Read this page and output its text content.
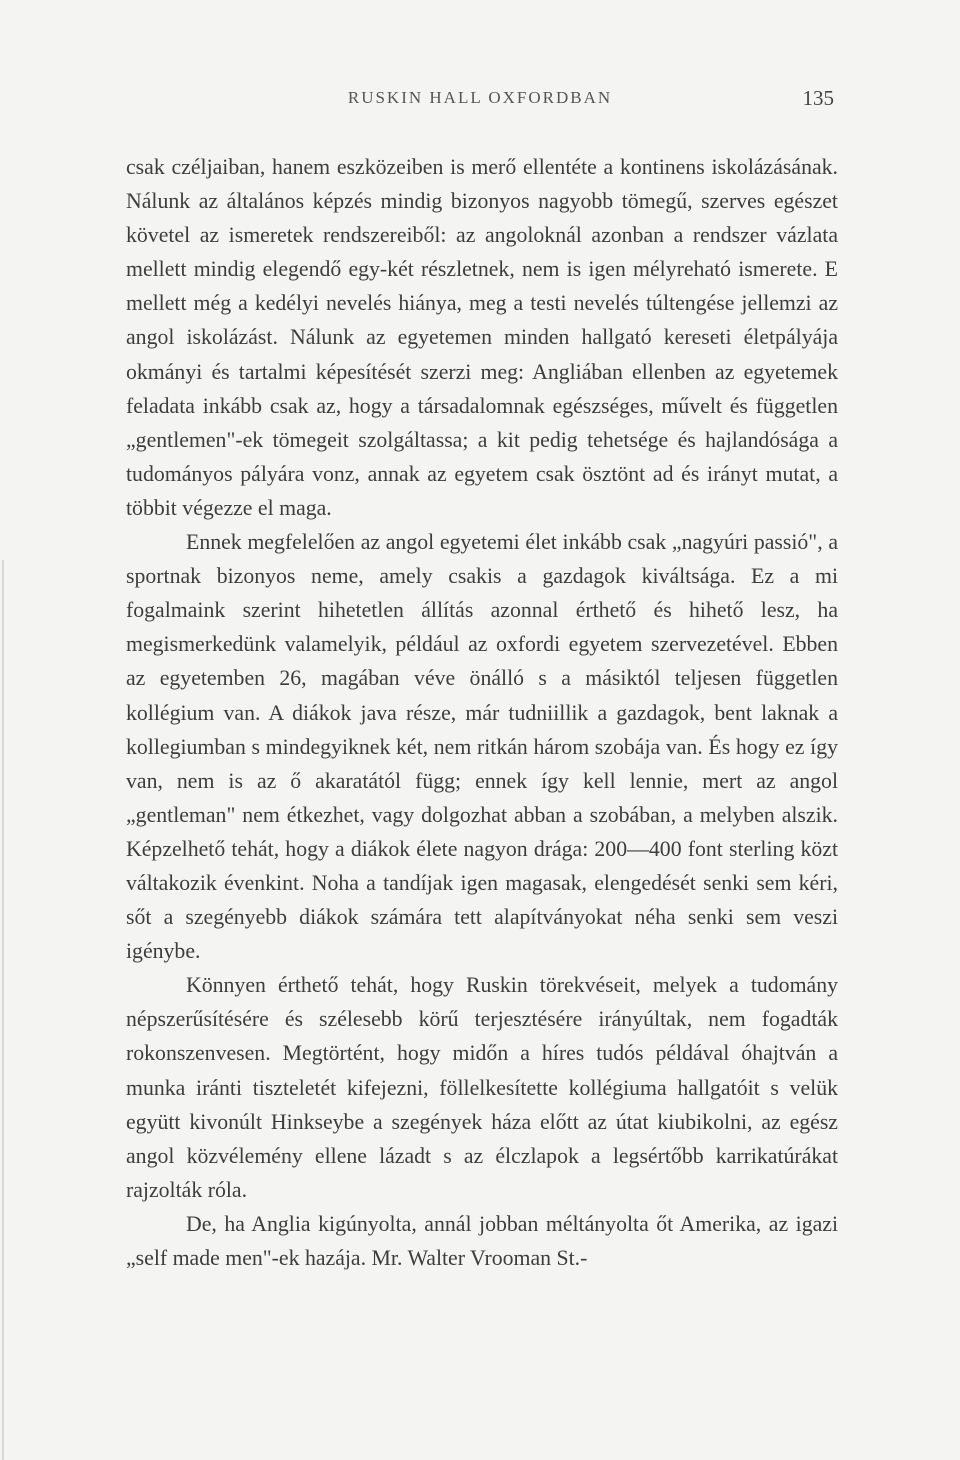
RUSKIN HALL OXFORDBAN	135

csak czéljaiban, hanem eszközeiben is merő ellentéte a kontinens iskolázásának. Nálunk az általános képzés mindig bizonyos nagyobb tömegű, szerves egészet követel az ismeretek rendszereiből: az angoloknál azonban a rendszer vázlata mellett mindig elegendő egy-két részletnek, nem is igen mélyreható ismerete. E mellett még a kedélyi nevelés hiánya, meg a testi nevelés túltengése jellemzi az angol iskolázást. Nálunk az egyetemen minden hallgató kereseti életpályája okmányi és tartalmi képesítését szerzi meg: Angliában ellenben az egyetemek feladata inkább csak az, hogy a társadalomnak egészséges, művelt és független „gentlemen"-ek tömegeit szolgáltassa; a kit pedig tehetsége és hajlandósága a tudományos pályára vonz, annak az egyetem csak ösztönt ad és irányt mutat, a többit végezze el maga.

Ennek megfelelően az angol egyetemi élet inkább csak „nagyúri passió", a sportnak bizonyos neme, amely csakis a gazdagok kiváltsága. Ez a mi fogalmaink szerint hihetetlen állítás azonnal érthető és hihető lesz, ha megismerkedünk valamelyik, például az oxfordi egyetem szervezetével. Ebben az egyetemben 26, magában véve önálló s a másiktól teljesen független kollégium van. A diákok java része, már tudniillik a gazdagok, bent laknak a kollegiumban s mindegyiknek két, nem ritkán három szobája van. És hogy ez így van, nem is az ő akaratától függ; ennek így kell lennie, mert az angol „gentleman" nem étkezhet, vagy dolgozhat abban a szobában, a melyben alszik. Képzelhető tehát, hogy a diákok élete nagyon drága: 200—400 font sterling közt váltakozik évenkint. Noha a tandíjak igen magasak, elengedését senki sem kéri, sőt a szegényebb diákok számára tett alapítványokat néha senki sem veszi igénybe.

Könnyen érthető tehát, hogy Ruskin törekvéseit, melyek a tudomány népszerűsítésére és szélesebb körű terjesztésére irányúltak, nem fogadták rokonszenvesen. Megtörtént, hogy midőn a híres tudós példával óhajtván a munka iránti tiszteletét kifejezni, föllelkesítette kollégiuma hallgatóit s velük együtt kivonúlt Hinkseybe a szegények háza előtt az útat kiubikolni, az egész angol közvélemény ellene lázadt s az élczlapok a legsértőbb karrikatúrákat rajzolták róla.

De, ha Anglia kigúnyolta, annál jobban méltányolta őt Amerika, az igazi „self made men"-ek hazája. Mr. Walter Vrooman St.-
